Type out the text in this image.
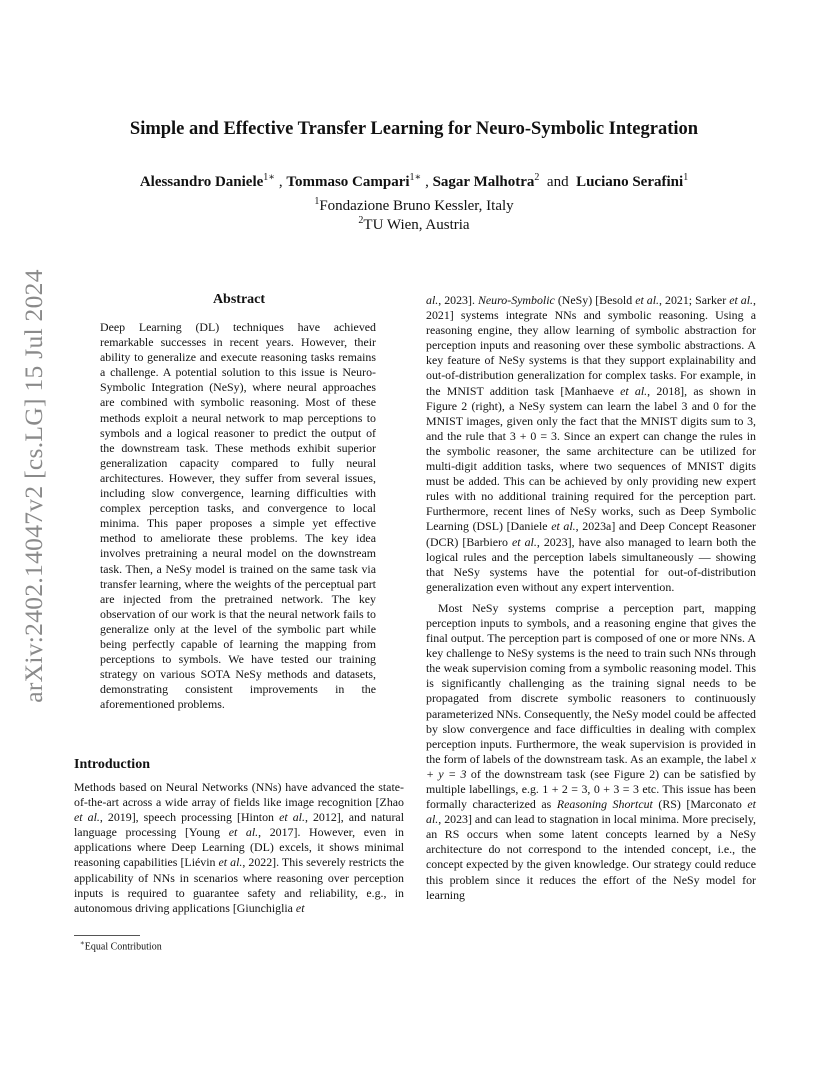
arXiv:2402.14047v2 [cs.LG] 15 Jul 2024
Simple and Effective Transfer Learning for Neuro-Symbolic Integration
Alessandro Daniele$^{1∗}$ , Tommaso Campari$^{1∗}$ , Sagar Malhotra$^2$ and Luciano Serafini$^1$
$^1$Fondazione Bruno Kessler, Italy
$^2$TU Wien, Austria
Abstract

Deep Learning (DL) techniques have achieved remarkable successes in recent years. However, their ability to generalize and execute reasoning tasks remains a challenge. A potential solution to this issue is Neuro-Symbolic Integration (NeSy), where neural approaches are combined with symbolic reasoning. Most of these methods exploit a neural network to map perceptions to symbols and a logical reasoner to predict the output of the downstream task. These methods exhibit superior generalization capacity compared to fully neural architectures. However, they suffer from several issues, including slow convergence, learning difficulties with complex perception tasks, and convergence to local minima. This paper proposes a simple yet effective method to ameliorate these problems. The key idea involves pretraining a neural model on the downstream task. Then, a NeSy model is trained on the same task via transfer learning, where the weights of the perceptual part are injected from the pretrained network. The key observation of our work is that the neural network fails to generalize only at the level of the symbolic part while being perfectly capable of learning the mapping from perceptions to symbols. We have tested our training strategy on various SOTA NeSy methods and datasets, demonstrating consistent improvements in the aforementioned problems.

Introduction

Methods based on Neural Networks (NNs) have advanced the state-of-the-art across a wide array of fields like image recognition [Zhao et al., 2019], speech processing [Hinton et al., 2012], and natural language processing [Young et al., 2017]. However, even in applications where Deep Learning (DL) excels, it shows minimal reasoning capabilities [Liévin et al., 2022]. This severely restricts the applicability of NNs in scenarios where reasoning over perception inputs is required to guarantee safety and reliability, e.g., in autonomous driving applications [Giunchiglia et

∗Equal Contribution

al., 2023]. Neuro-Symbolic (NeSy) [Besold et al., 2021; Sarker et al., 2021] systems integrate NNs and symbolic reasoning. Using a reasoning engine, they allow learning of symbolic abstraction for perception inputs and reasoning over these symbolic abstractions. A key feature of NeSy systems is that they support explainability and out-of-distribution generalization for complex tasks. For example, in the MNIST addition task [Manhaeve et al., 2018], as shown in Figure 2 (right), a NeSy system can learn the label 3 and 0 for the MNIST images, given only the fact that the MNIST digits sum to 3, and the rule that 3 + 0 = 3. Since an expert can change the rules in the symbolic reasoner, the same architecture can be utilized for multi-digit addition tasks, where two sequences of MNIST digits must be added. This can be achieved by only providing new expert rules with no additional training required for the perception part. Furthermore, recent lines of NeSy works, such as Deep Symbolic Learning (DSL) [Daniele et al., 2023a] and Deep Concept Reasoner (DCR) [Barbiero et al., 2023], have also managed to learn both the logical rules and the perception labels simultaneously — showing that NeSy systems have the potential for out-of-distribution generalization even without any expert intervention.

Most NeSy systems comprise a perception part, mapping perception inputs to symbols, and a reasoning engine that gives the final output. The perception part is composed of one or more NNs. A key challenge to NeSy systems is the need to train such NNs through the weak supervision coming from a symbolic reasoning model. This is significantly challenging as the training signal needs to be propagated from discrete symbolic reasoners to continuously parameterized NNs. Consequently, the NeSy model could be affected by slow convergence and face difficulties in dealing with complex perception inputs. Furthermore, the weak supervision is provided in the form of labels of the downstream task. As an example, the label x + y = 3 of the downstream task (see Figure 2) can be satisfied by multiple labellings, e.g. 1 + 2 = 3, 0 + 3 = 3 etc. This issue has been formally characterized as Reasoning Shortcut (RS) [Marconato et al., 2023] and can lead to stagnation in local minima. More precisely, an RS occurs when some latent concepts learned by a NeSy architecture do not correspond to the intended concept, i.e., the concept expected by the given knowledge. Our strategy could reduce this problem since it reduces the effort of the NeSy model for learning
